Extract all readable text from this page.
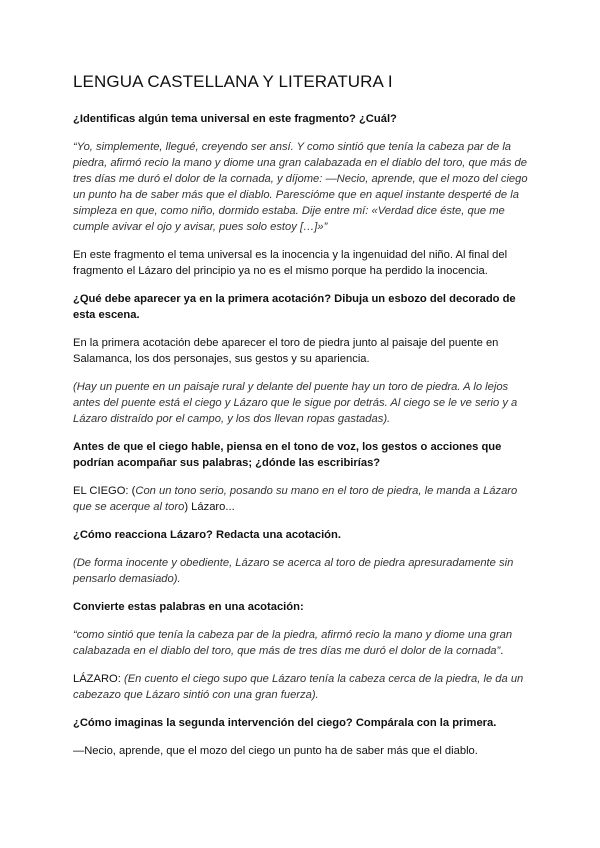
LENGUA CASTELLANA Y LITERATURA I

¿Identificas algún tema universal en este fragmento? ¿Cuál?

“Yo, simplemente, llegué, creyendo ser ansí. Y como sintió que tenía la cabeza par de la piedra, afirmó recio la mano y diome una gran calabazada en el diablo del toro, que más de tres días me duró el dolor de la cornada, y díjome: —Necio, aprende, que el mozo del ciego un punto ha de saber más que el diablo. Parescióme que en aquel instante desperté de la simpleza en que, como niño, dormido estaba. Dije entre mí: «Verdad dice éste, que me cumple avivar el ojo y avisar, pues solo estoy […]»”

En este fragmento el tema universal es la inocencia y la ingenuidad del niño. Al final del fragmento el Lázaro del principio ya no es el mismo porque ha perdido la inocencia.

¿Qué debe aparecer ya en la primera acotación? Dibuja un esbozo del decorado de esta escena.

En la primera acotación debe aparecer el toro de piedra junto al paisaje del puente en Salamanca, los dos personajes, sus gestos y su apariencia.

(Hay un puente en un paisaje rural y delante del puente hay un toro de piedra. A lo lejos antes del puente está el ciego y Lázaro que le sigue por detrás. Al ciego se le ve serio y a Lázaro distraído por el campo, y los dos llevan ropas gastadas).

Antes de que el ciego hable, piensa en el tono de voz, los gestos o acciones que podrían acompañar sus palabras; ¿dónde las escribirías?

EL CIEGO: (Con un tono serio, posando su mano en el toro de piedra, le manda a Lázaro que se acerque al toro) Lázaro...

¿Cómo reacciona Lázaro? Redacta una acotación.

(De forma inocente y obediente, Lázaro se acerca al toro de piedra apresuradamente sin pensarlo demasiado).

Convierte estas palabras en una acotación:

“como sintió que tenía la cabeza par de la piedra, afirmó recio la mano y diome una gran calabazada en el diablo del toro, que más de tres días me duró el dolor de la cornada”.

LÁZARO: (En cuento el ciego supo que Lázaro tenía la cabeza cerca de la piedra, le da un cabezazo que Lázaro sintió con una gran fuerza).

¿Cómo imaginas la segunda intervención del ciego? Compárala con la primera.

—Necio, aprende, que el mozo del ciego un punto ha de saber más que el diablo.
